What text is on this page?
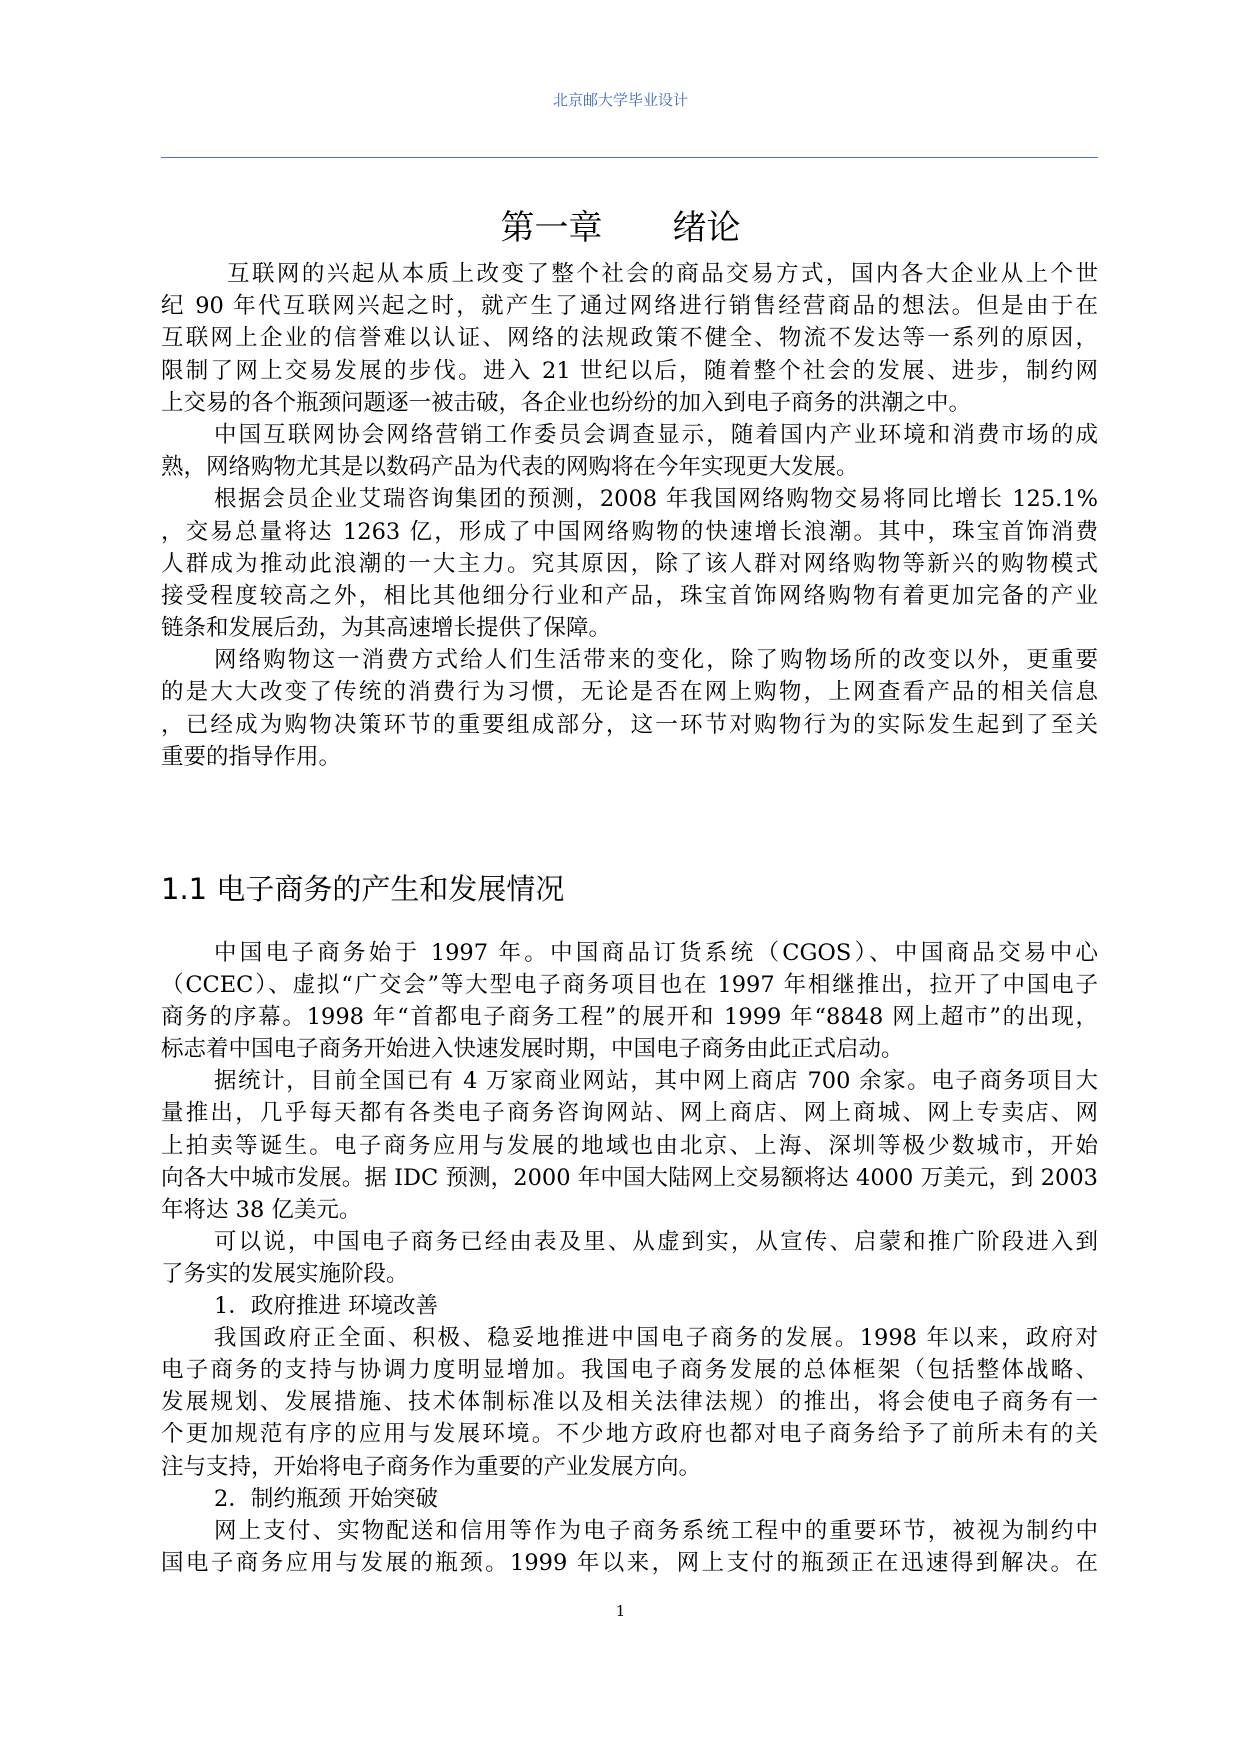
北京邮大学毕业设计
第一章 绪论
互联网的兴起从本质上改变了整个社会的商品交易方式，国内各大企业从上个世
纪 90 年代互联网兴起之时，就产生了通过网络进行销售经营商品的想法。但是由于在
互联网上企业的信誉难以认证、网络的法规政策不健全、物流不发达等一系列的原因，
限制了网上交易发展的步伐。进入 21 世纪以后，随着整个社会的发展、进步，制约网
上交易的各个瓶颈问题逐一被击破，各企业也纷纷的加入到电子商务的洪潮之中。
中国互联网协会网络营销工作委员会调查显示，随着国内产业环境和消费市场的成
熟，网络购物尤其是以数码产品为代表的网购将在今年实现更大发展。
根据会员企业艾瑞咨询集团的预测，2008 年我国网络购物交易将同比增长 125.1%
，交易总量将达 1263 亿，形成了中国网络购物的快速增长浪潮。其中，珠宝首饰消费
人群成为推动此浪潮的一大主力。究其原因，除了该人群对网络购物等新兴的购物模式
接受程度较高之外，相比其他细分行业和产品，珠宝首饰网络购物有着更加完备的产业
链条和发展后劲，为其高速增长提供了保障。
网络购物这一消费方式给人们生活带来的变化，除了购物场所的改变以外，更重要
的是大大改变了传统的消费行为习惯，无论是否在网上购物，上网查看产品的相关信息
，已经成为购物决策环节的重要组成部分，这一环节对购物行为的实际发生起到了至关
重要的指导作用。
1.1 电子商务的产生和发展情况
中国电子商务始于 1997 年。中国商品订货系统（CGOS）、中国商品交易中心
（CCEC）、虚拟“广交会”等大型电子商务项目也在 1997 年相继推出，拉开了中国电子
商务的序幕。1998 年“首都电子商务工程”的展开和 1999 年“8848 网上超市”的出现，
标志着中国电子商务开始进入快速发展时期，中国电子商务由此正式启动。
据统计，目前全国已有 4 万家商业网站，其中网上商店 700 余家。电子商务项目大
量推出，几乎每天都有各类电子商务咨询网站、网上商店、网上商城、网上专卖店、网
上拍卖等诞生。电子商务应用与发展的地域也由北京、上海、深圳等极少数城市，开始
向各大中城市发展。据 IDC 预测，2000 年中国大陆网上交易额将达 4000 万美元，到 2003
年将达 38 亿美元。
可以说，中国电子商务已经由表及里、从虚到实，从宣传、启蒙和推广阶段进入到
了务实的发展实施阶段。
1．政府推进 环境改善
我国政府正全面、积极、稳妥地推进中国电子商务的发展。1998 年以来，政府对
电子商务的支持与协调力度明显增加。我国电子商务发展的总体框架（包括整体战略、
发展规划、发展措施、技术体制标准以及相关法律法规）的推出，将会使电子商务有一
个更加规范有序的应用与发展环境。不少地方政府也都对电子商务给予了前所未有的关
注与支持，开始将电子商务作为重要的产业发展方向。
2．制约瓶颈 开始突破
网上支付、实物配送和信用等作为电子商务系统工程中的重要环节，被视为制约中
国电子商务应用与发展的瓶颈。1999 年以来，网上支付的瓶颈正在迅速得到解决。在
1
